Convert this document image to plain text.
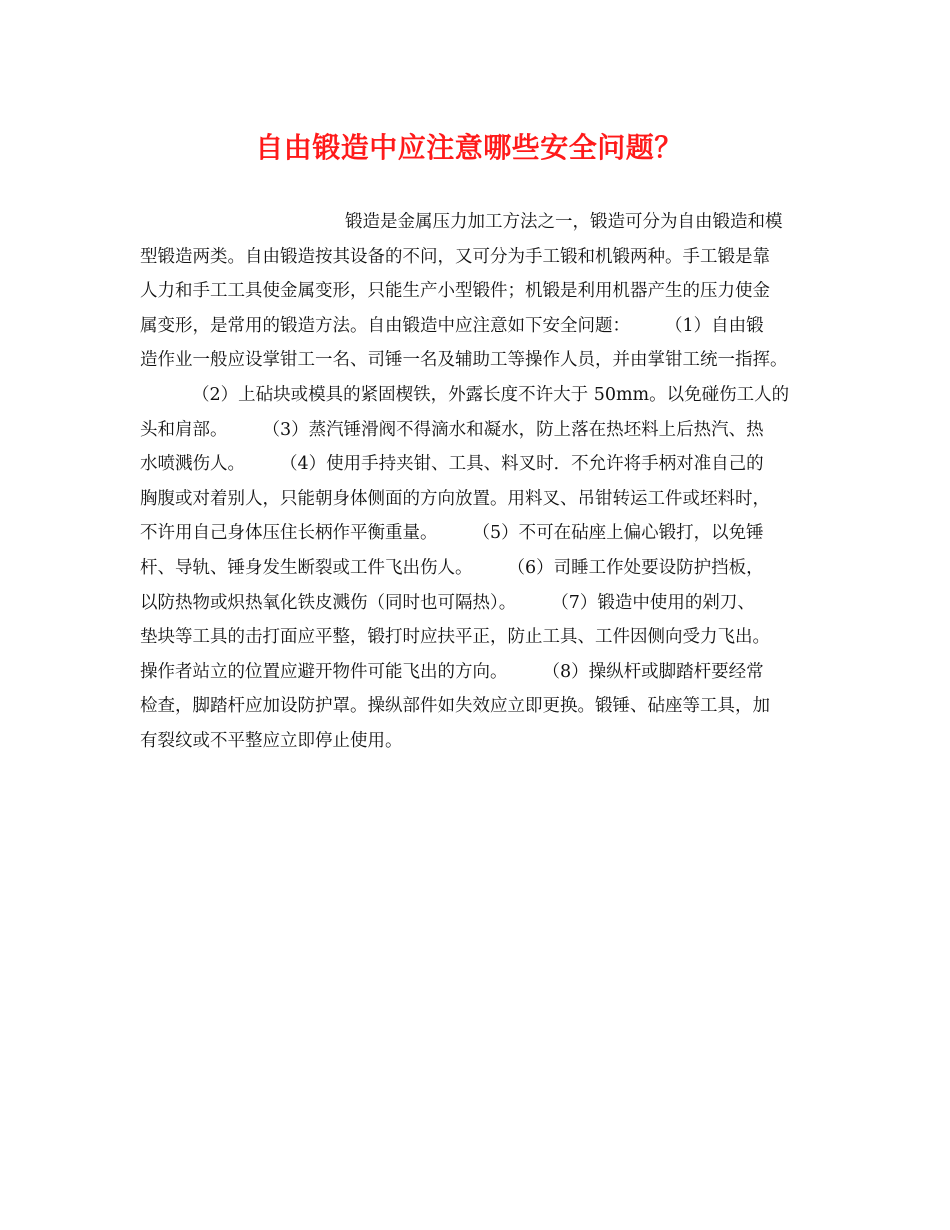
自由锻造中应注意哪些安全问题？
锻造是金属压力加工方法之一，锻造可分为自由锻造和模
型锻造两类。自由锻造按其设备的不问，又可分为手工锻和机锻两种。手工锻是靠
人力和手工工具使金属变形，只能生产小型锻件；机锻是利用机器产生的压力使金
属变形，是常用的锻造方法。自由锻造中应注意如下安全问题：　　　（1）自由锻
造作业一般应设掌钳工一名、司锤一名及辅助工等操作人员，并由掌钳工统一指挥。
（2）上砧块或模具的紧固楔铁，外露长度不许大于 50mm。以免碰伤工人的
头和肩部。　　　（3）蒸汽锤滑阀不得滴水和凝水，防上落在热坯料上后热汽、热
水喷溅伤人。　　　（4）使用手持夹钳、工具、料叉时．不允许将手柄对准自己的
胸腹或对着别人，只能朝身体侧面的方向放置。用料叉、吊钳转运工件或坯料时，
不许用自己身体压住长柄作平衡重量。　　　（5）不可在砧座上偏心锻打，以免锤
杆、导轨、锤身发生断裂或工件飞出伤人。　　　（6）司睡工作处要设防护挡板，
以防热物或炽热氧化铁皮溅伤（同时也可隔热）。　　　（7）锻造中使用的剁刀、
垫块等工具的击打面应平整，锻打时应扶平正，防止工具、工件因侧向受力飞出。
操作者站立的位置应避开物件可能飞出的方向。　　　（8）操纵杆或脚踏杆要经常
检查，脚踏杆应加设防护罩。操纵部件如失效应立即更换。锻锤、砧座等工具，加
有裂纹或不平整应立即停止使用。
